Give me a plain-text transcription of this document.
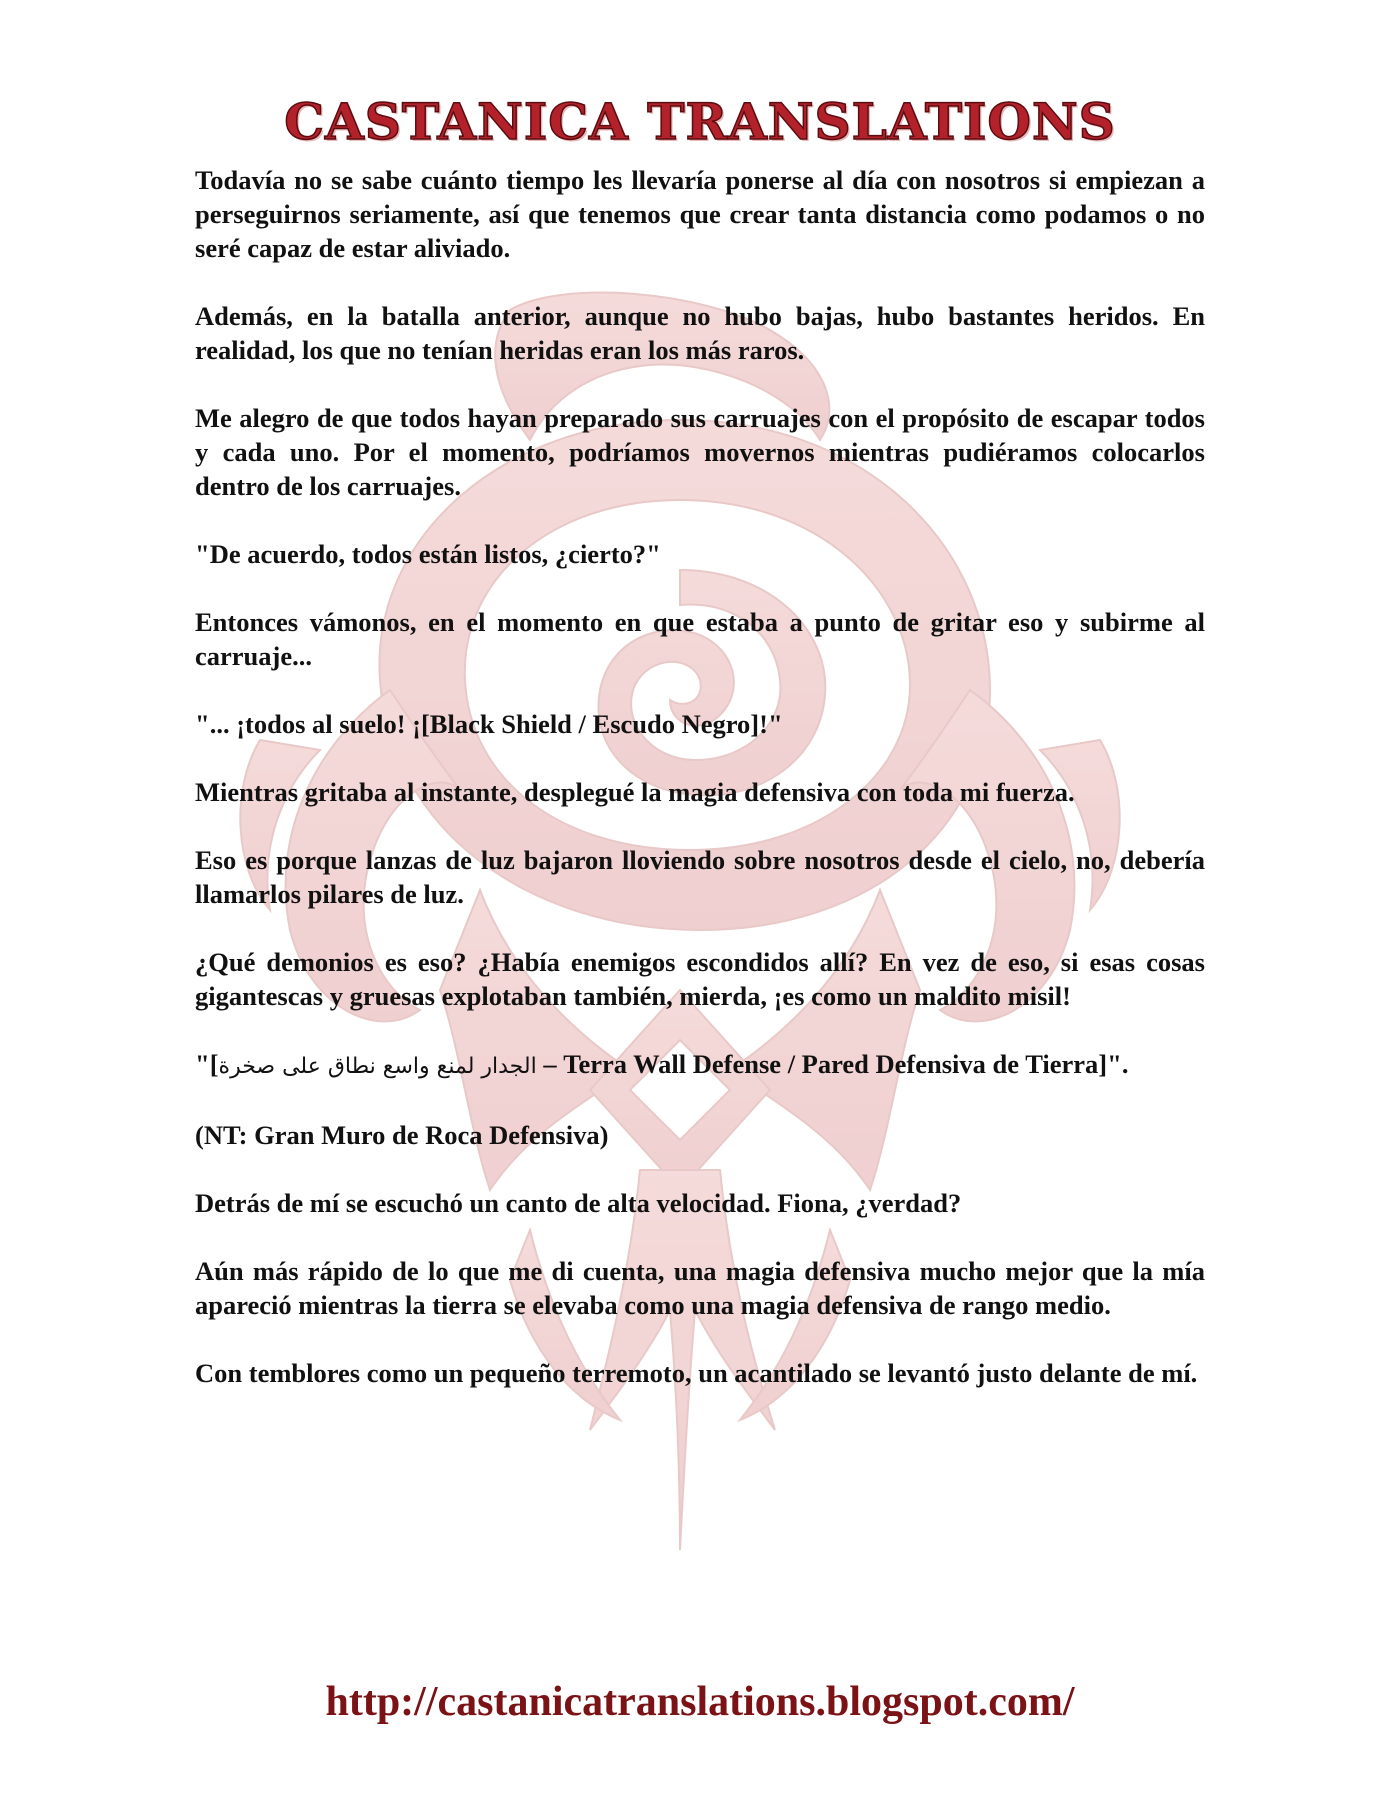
CASTANICA TRANSLATIONS

Todavía no se sabe cuánto tiempo les llevaría ponerse al día con nosotros si empiezan a perseguirnos seriamente, así que tenemos que crear tanta distancia como podamos o no seré capaz de estar aliviado.

Además, en la batalla anterior, aunque no hubo bajas, hubo bastantes heridos. En realidad, los que no tenían heridas eran los más raros.

Me alegro de que todos hayan preparado sus carruajes con el propósito de escapar todos y cada uno. Por el momento, podríamos movernos mientras pudiéramos colocarlos dentro de los carruajes.

"De acuerdo, todos están listos, ¿cierto?"

Entonces vámonos, en el momento en que estaba a punto de gritar eso y subirme al carruaje...

"... ¡todos al suelo! ¡[Black Shield / Escudo Negro]!"

Mientras gritaba al instante, desplegué la magia defensiva con toda mi fuerza.

Eso es porque lanzas de luz bajaron lloviendo sobre nosotros desde el cielo, no, debería llamarlos pilares de luz.

¿Qué demonios es eso? ¿Había enemigos escondidos allí? En vez de eso, si esas cosas gigantescas y gruesas explotaban también, mierda, ¡es como un maldito misil!

"[الجدار لمنع واسع نطاق على صخرة – Terra Wall Defense / Pared Defensiva de Tierra]".

(NT: Gran Muro de Roca Defensiva)

Detrás de mí se escuchó un canto de alta velocidad. Fiona, ¿verdad?

Aún más rápido de lo que me di cuenta, una magia defensiva mucho mejor que la mía apareció mientras la tierra se elevaba como una magia defensiva de rango medio.

Con temblores como un pequeño terremoto, un acantilado se levantó justo delante de mí.

http://castanicatranslations.blogspot.com/
